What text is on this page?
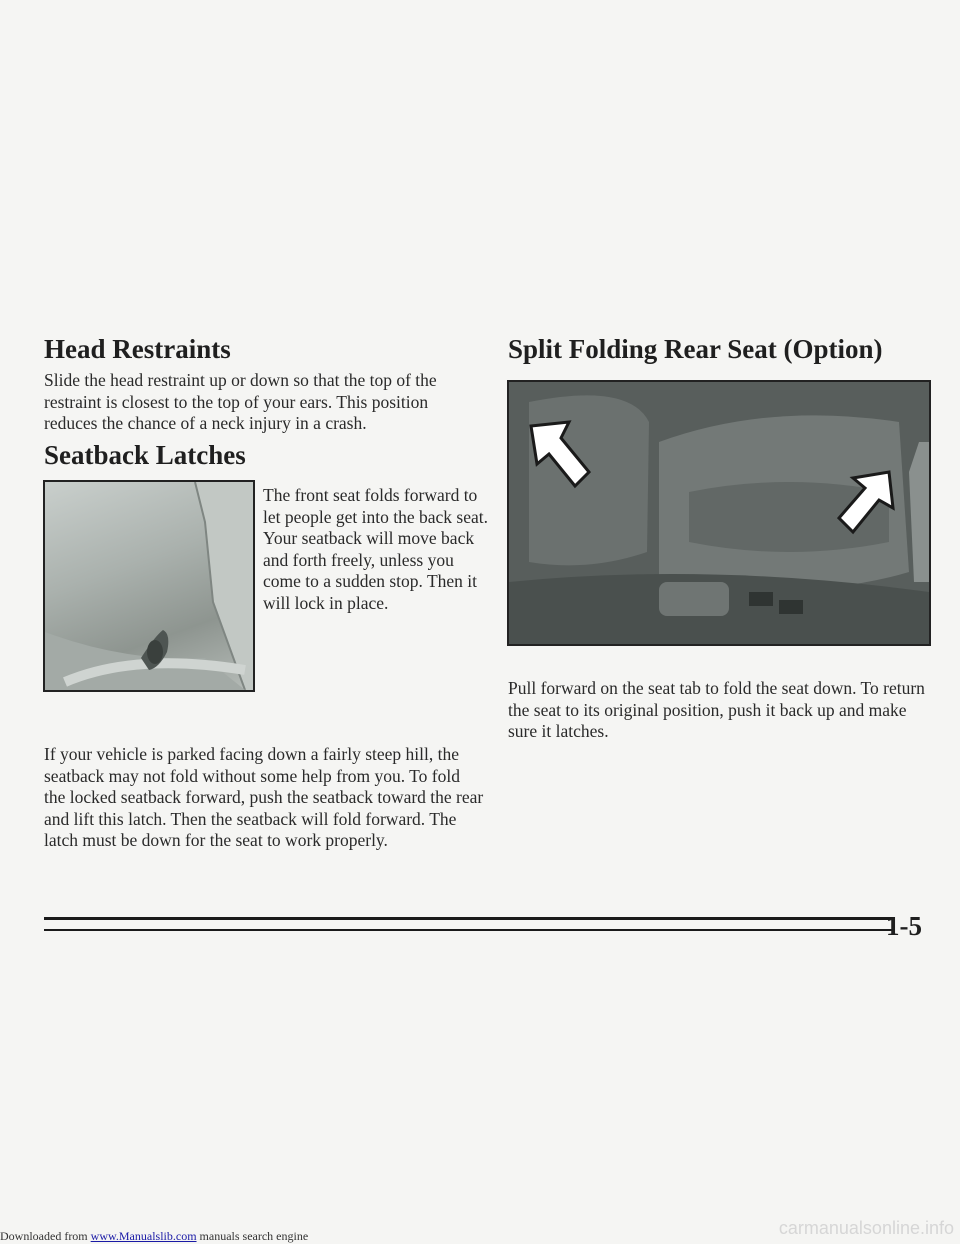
Head Restraints
Slide the head restraint up or down so that the top of the restraint is closest to the top of your ears. This position reduces the chance of a neck injury in a crash.
Seatback Latches
The front seat folds forward to let people get into the back seat. Your seatback will move back and forth freely, unless you come to a sudden stop. Then it will lock in place.
If your vehicle is parked facing down a fairly steep hill, the seatback may not fold without some help from you. To fold the locked seatback forward, push the seatback toward the rear and lift this latch. Then the seatback will fold forward. The latch must be down for the seat to work properly.
Split Folding Rear Seat (Option)
Pull forward on the seat tab to fold the seat down. To return the seat to its original position, push it back up and make sure it latches.
1-5
Downloaded from www.Manualslib.com manuals search engine	carmanualsonline.info
